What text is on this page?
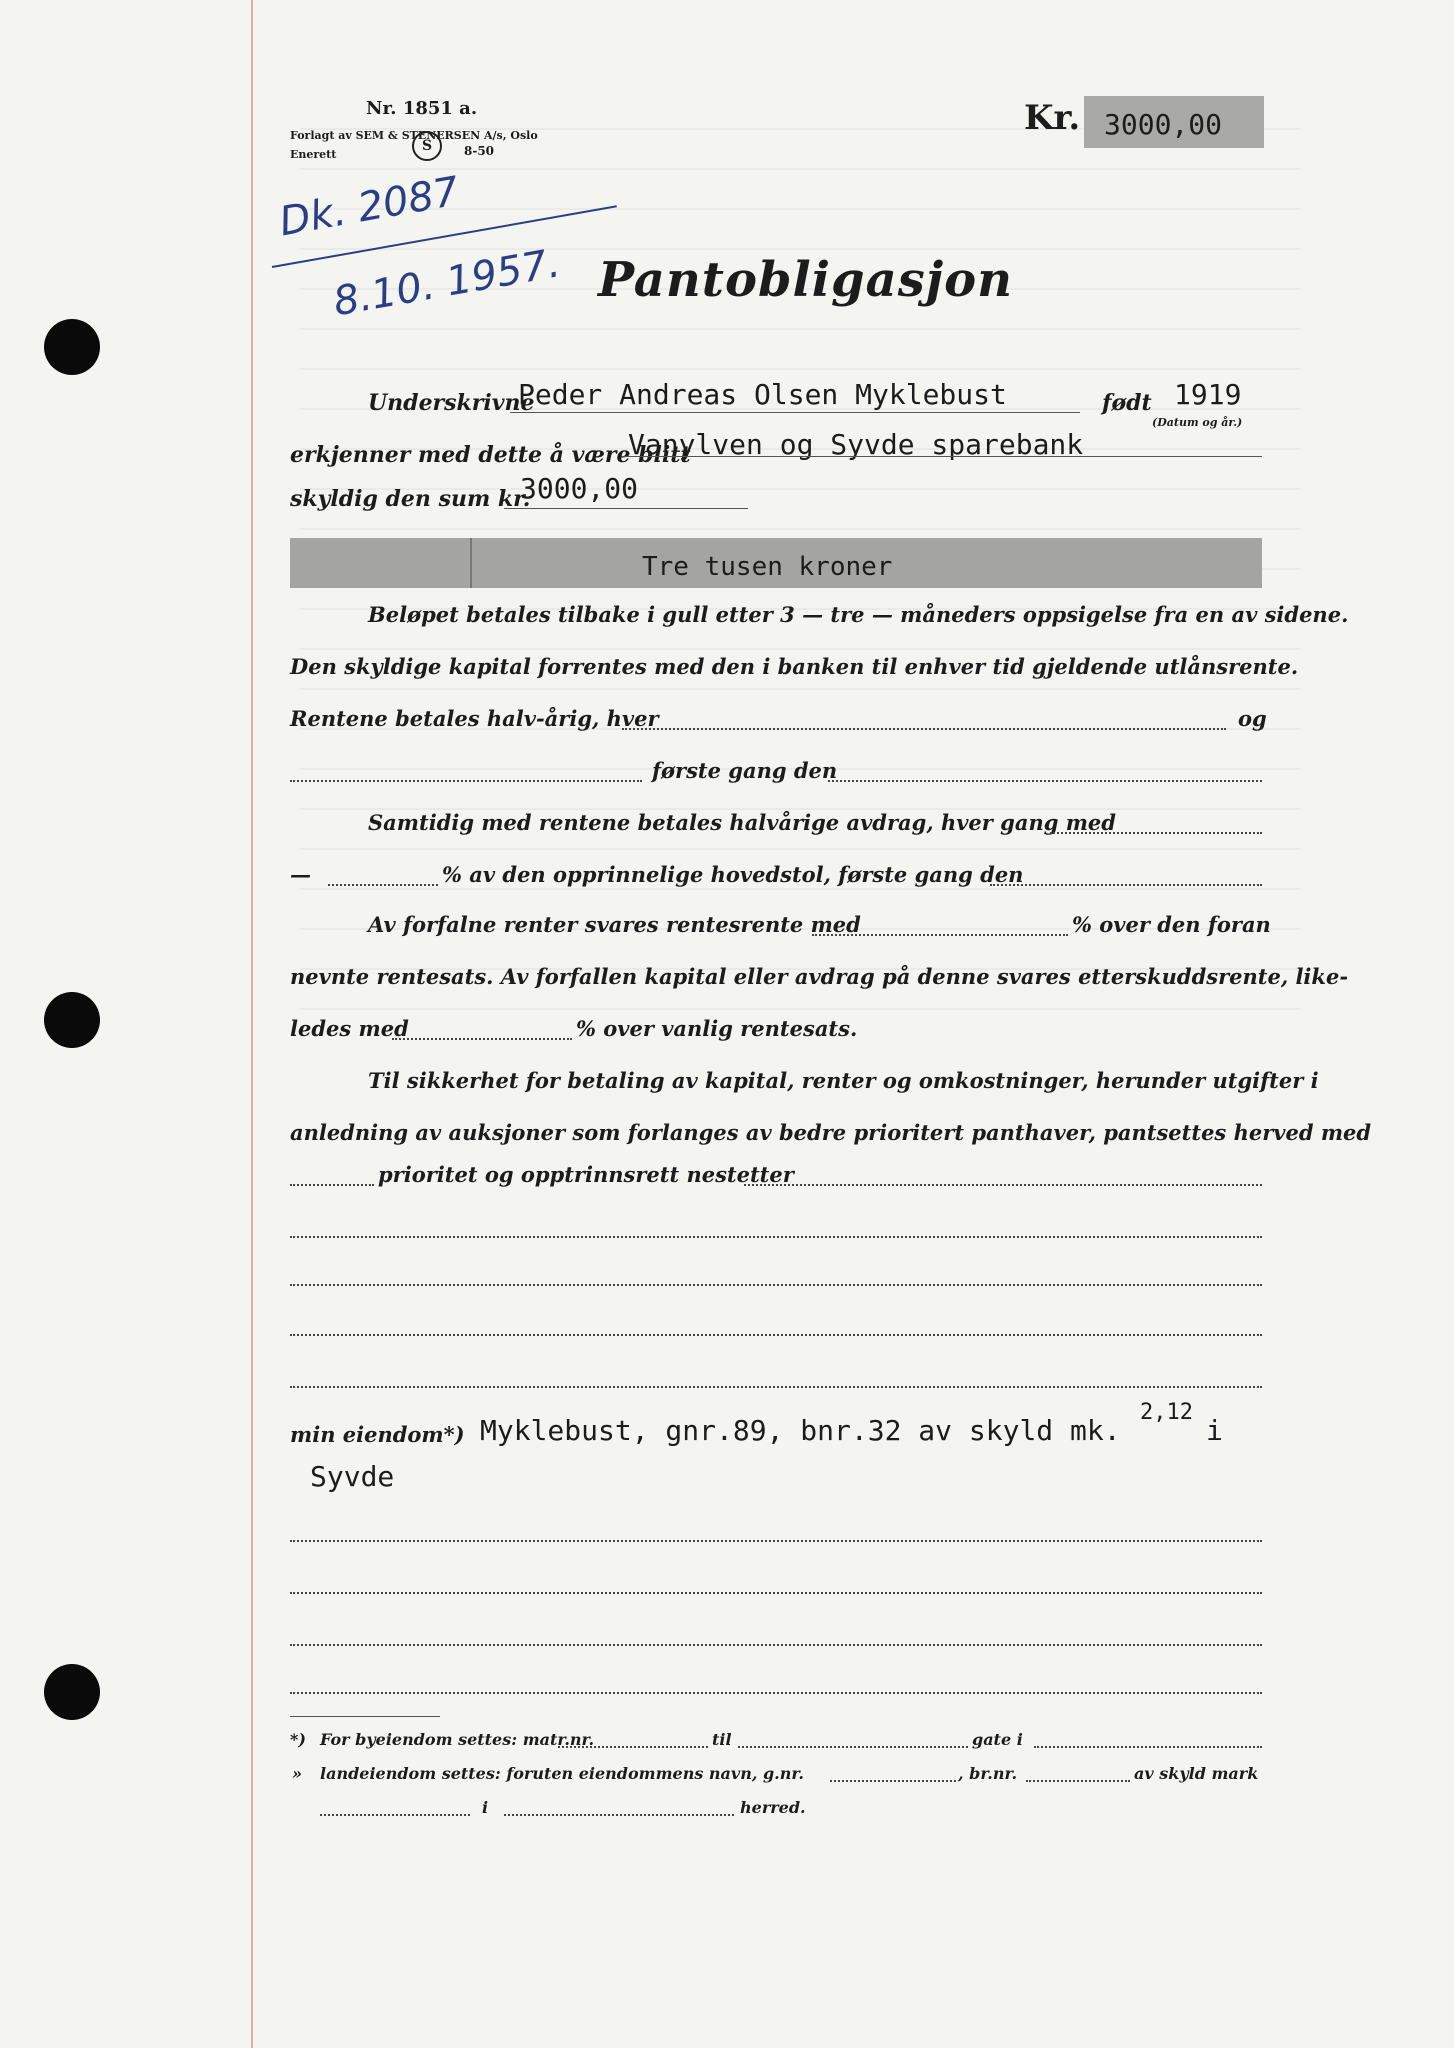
Nr. 1851 a.
Forlagt av SEM & STENERSEN A/s, Oslo
Enerett
S	8-50
Kr. 3000,00
Dk. 2087
8.10. 1957. Pantobligasjon
Underskrivne
Peder Andreas Olsen Myklebust	født 1919
(Datum og år.)
erkjenner med dette å være blitt
Vanylven og Syvde sparebank
skyldig den sum kr.
3000,00
Tre tusen kroner
Beløpet betales tilbake i gull etter 3 — tre — måneders oppsigelse fra en av sidene.
Den skyldige kapital forrentes med den i banken til enhver tid gjeldende utlånsrente.
Rentene betales halv-årig, hver	og
første gang den
Samtidig med rentene betales halvårige avdrag, hver gang med
—	% av den opprinnelige hovedstol, første gang den
Av forfalne renter svares rentesrente med	% over den foran
nevnte rentesats. Av forfallen kapital eller avdrag på denne svares etterskuddsrente, like-
ledes med	% over vanlig rentesats.
Til sikkerhet for betaling av kapital, renter og omkostninger, herunder utgifter i
anledning av auksjoner som forlanges av bedre prioritert panthaver, pantsettes herved med
prioritet og opptrinnsrett nestetter
min eiendom*) Myklebust, gnr.89, bnr.32 av skyld mk.
2,12
i
Syvde
*) For byeiendom settes: matr.nr.	til	gate i
» landeiendom settes: foruten eiendommens navn, g.nr.	, br.nr.	av skyld mark
i	herred.
